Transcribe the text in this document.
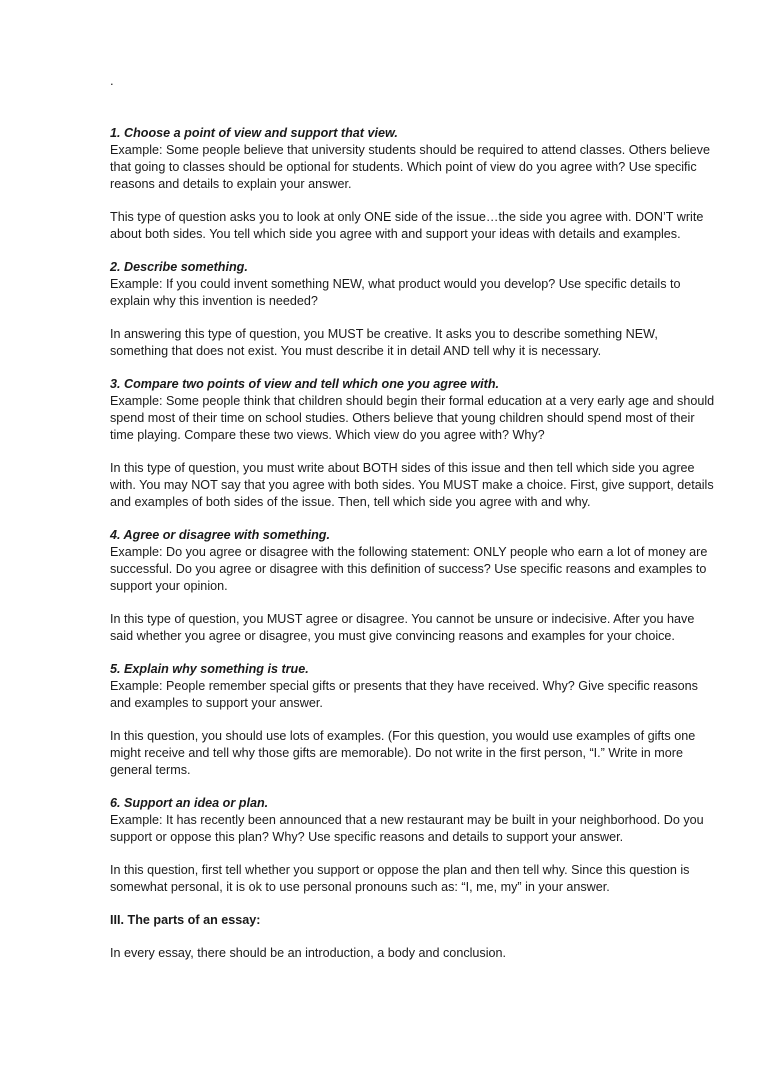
.

1. Choose a point of view and support that view.
Example: Some people believe that university students should be required to attend classes. Others believe that going to classes should be optional for students. Which point of view do you agree with? Use specific reasons and details to explain your answer.

This type of question asks you to look at only ONE side of the issue…the side you agree with. DON’T write about both sides. You tell which side you agree with and support your ideas with details and examples.

2. Describe something.
Example: If you could invent something NEW, what product would you develop? Use specific details to explain why this invention is needed?

In answering this type of question, you MUST be creative. It asks you to describe something NEW, something that does not exist. You must describe it in detail AND tell why it is necessary.

3. Compare two points of view and tell which one you agree with.
Example: Some people think that children should begin their formal education at a very early age and should spend most of their time on school studies. Others believe that young children should spend most of their time playing. Compare these two views. Which view do you agree with? Why?

In this type of question, you must write about BOTH sides of this issue and then tell which side you agree with. You may NOT say that you agree with both sides. You MUST make a choice. First, give support, details and examples of both sides of the issue. Then, tell which side you agree with and why.

4. Agree or disagree with something.
Example: Do you agree or disagree with the following statement: ONLY people who earn a lot of money are successful. Do you agree or disagree with this definition of success? Use specific reasons and examples to support your opinion.

In this type of question, you MUST agree or disagree. You cannot be unsure or indecisive. After you have said whether you agree or disagree, you must give convincing reasons and examples for your choice.

5. Explain why something is true.
Example: People remember special gifts or presents that they have received. Why? Give specific reasons and examples to support your answer.

In this question, you should use lots of examples. (For this question, you would use examples of gifts one might receive and tell why those gifts are memorable). Do not write in the first person, “I.” Write in more general terms.

6. Support an idea or plan.
Example: It has recently been announced that a new restaurant may be built in your neighborhood. Do you support or oppose this plan? Why? Use specific reasons and details to support your answer.

In this question, first tell whether you support or oppose the plan and then tell why. Since this question is somewhat personal, it is ok to use personal pronouns such as: “I, me, my” in your answer.

III. The parts of an essay:

In every essay, there should be an introduction, a body and conclusion.
